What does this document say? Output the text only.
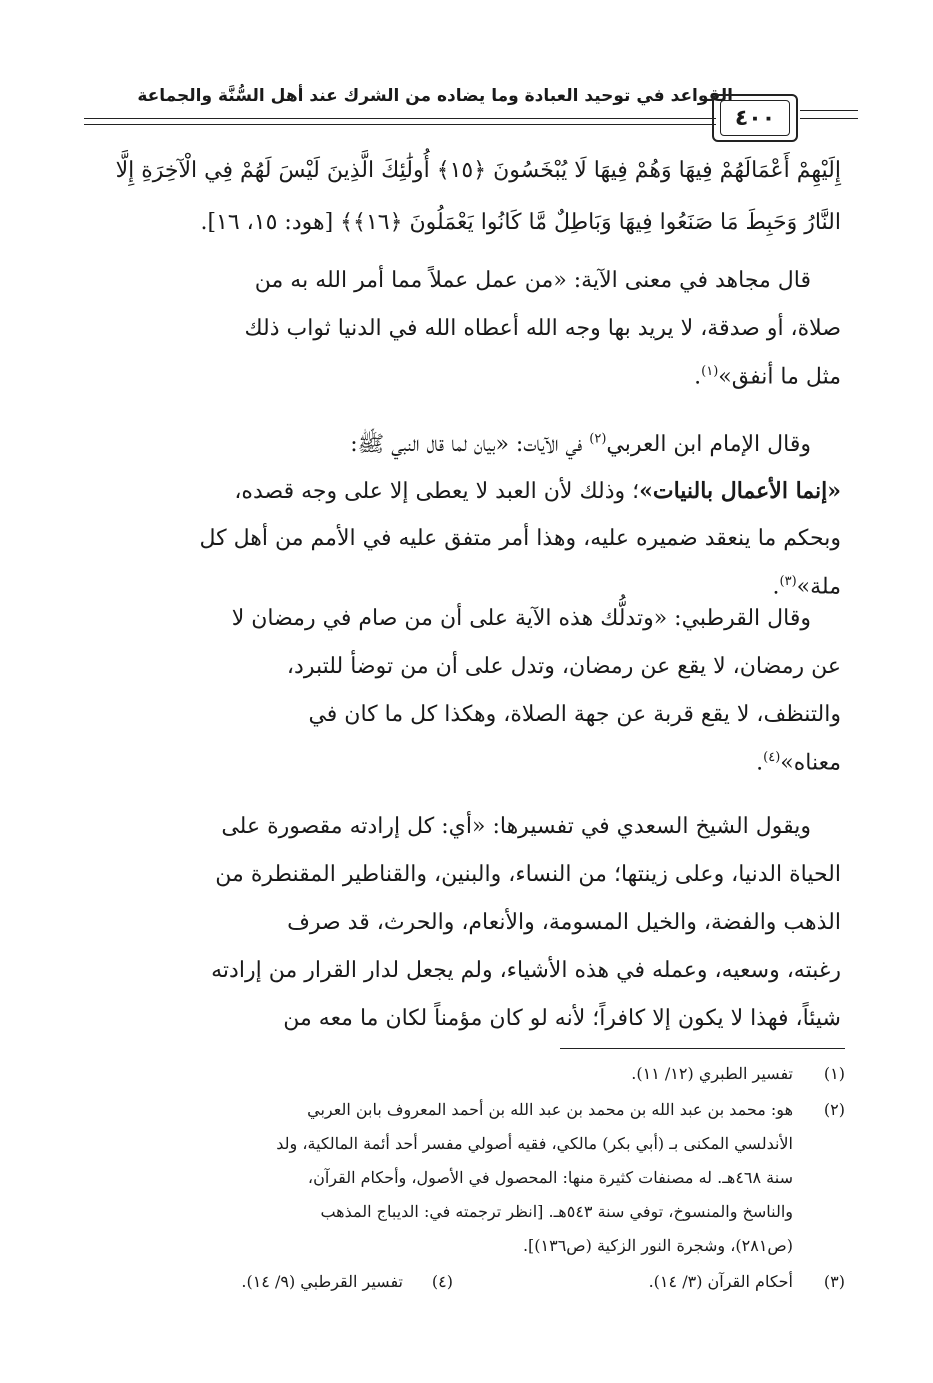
القواعد في توحيد العبادة وما يضاده من الشرك عند أهل السُّنَّة والجماعة
٤٠٠
إِلَيْهِمْ أَعْمَالَهُمْ فِيهَا وَهُمْ فِيهَا لَا يُبْخَسُونَ ﴿١٥﴾ أُولَٰئِكَ الَّذِينَ لَيْسَ لَهُمْ فِي الْآخِرَةِ إِلَّا
النَّارُ وَحَبِطَ مَا صَنَعُوا فِيهَا وَبَاطِلٌ مَّا كَانُوا يَعْمَلُونَ ﴿١٦﴾﴾ [هود: ١٥، ١٦].
قال مجاهد في معنى الآية: «من عمل عملاً مما أمر الله به من
صلاة، أو صدقة، لا يريد بها وجه الله أعطاه الله في الدنيا ثواب ذلك
مثل ما أنفق»$^{(١)}$.
وقال الإمام ابن العربي$^{(٢)}$ في الآيات: «بيان لما قال النبي ﷺ:
«إنما الأعمال بالنيات»؛ وذلك لأن العبد لا يعطى إلا على وجه قصده،
وبحكم ما ينعقد ضميره عليه، وهذا أمر متفق عليه في الأمم من أهل كل
ملة»$^{(٣)}$.
وقال القرطبي: «وتدلُّك هذه الآية على أن من صام في رمضان لا
عن رمضان، لا يقع عن رمضان، وتدل على أن من توضأ للتبرد،
والتنظف، لا يقع قربة عن جهة الصلاة، وهكذا كل ما كان في
معناه»$^{(٤)}$.
ويقول الشيخ السعدي في تفسيرها: «أي: كل إرادته مقصورة على
الحياة الدنيا، وعلى زينتها؛ من النساء، والبنين، والقناطير المقنطرة من
الذهب والفضة، والخيل المسومة، والأنعام، والحرث، قد صرف
رغبته، وسعيه، وعمله في هذه الأشياء، ولم يجعل لدار القرار من إرادته
شيئاً، فهذا لا يكون إلا كافراً؛ لأنه لو كان مؤمناً لكان ما معه من
(١)
تفسير الطبري (١٢/ ١١).
(٢)
هو: محمد بن عبد الله بن محمد بن عبد الله بن أحمد المعروف بابن العربي
الأندلسي المكنى بـ (أبي بكر) مالكي، فقيه أصولي مفسر أحد أئمة المالكية، ولد
سنة ٤٦٨هـ. له مصنفات كثيرة منها: المحصول في الأصول، وأحكام القرآن،
والناسخ والمنسوخ، توفي سنة ٥٤٣هـ. [انظر ترجمته في: الديباج المذهب
(ص٢٨١)، وشجرة النور الزكية (ص١٣٦)].
(٣)
أحكام القرآن (٣/ ١٤).
(٤)
تفسير القرطبي (٩/ ١٤).
